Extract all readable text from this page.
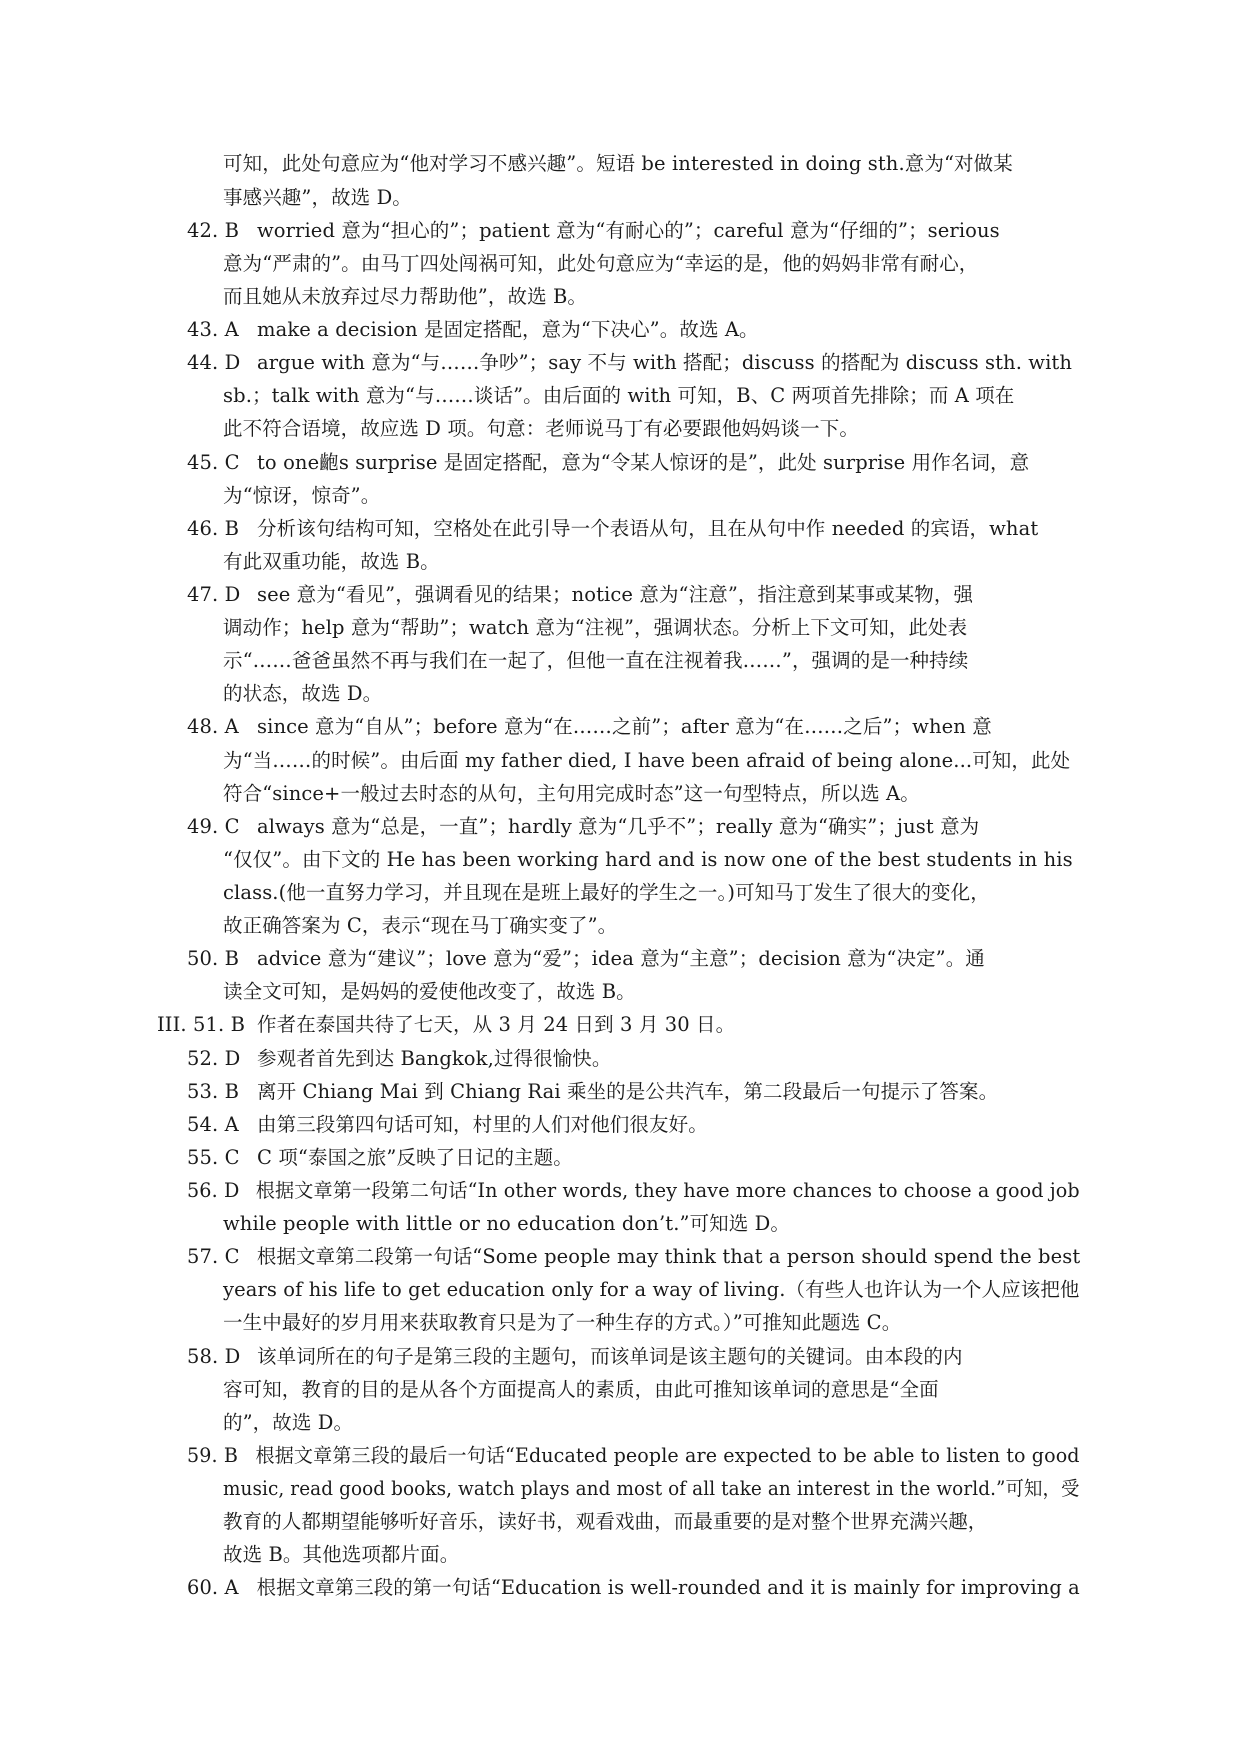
可知，此处句意应为“他对学习不感兴趣”。短语 be interested in doing sth.意为“对做某
事感兴趣”，故选 D。
42. B worried 意为“担心的”；patient 意为“有耐心的”；careful 意为“仔细的”；serious
意为“严肃的”。由马丁四处闯祸可知，此处句意应为“幸运的是，他的妈妈非常有耐心，
而且她从未放弃过尽力帮助他”，故选 B。
43. A make a decision 是固定搭配，意为“下决心”。故选 A。
44. D argue with 意为“与……争吵”；say 不与 with 搭配；discuss 的搭配为 discuss sth. with
sb.；talk with 意为“与……谈话”。由后面的 with 可知，B、C 两项首先排除；而 A 项在
此不符合语境，故应选 D 项。句意：老师说马丁有必要跟他妈妈谈一下。
45. C to one齙s surprise 是固定搭配，意为“令某人惊讶的是”，此处 surprise 用作名词，意
为“惊讶，惊奇”。
46. B 分析该句结构可知，空格处在此引导一个表语从句，且在从句中作 needed 的宾语，what
有此双重功能，故选 B。
47. D see 意为“看见”，强调看见的结果；notice 意为“注意”，指注意到某事或某物，强
调动作；help 意为“帮助”；watch 意为“注视”，强调状态。分析上下文可知，此处表
示“……爸爸虽然不再与我们在一起了，但他一直在注视着我……”，强调的是一种持续
的状态，故选 D。
48. A since 意为“自从”；before 意为“在……之前”；after 意为“在……之后”；when 意
为“当……的时候”。由后面 my father died, I have been afraid of being alone...可知，此处
符合“since+一般过去时态的从句，主句用完成时态”这一句型特点，所以选 A。
49. C always 意为“总是，一直”；hardly 意为“几乎不”；really 意为“确实”；just 意为
“仅仅”。由下文的 He has been working hard and is now one of the best students in his
class.(他一直努力学习，并且现在是班上最好的学生之一。)可知马丁发生了很大的变化，
故正确答案为 C，表示“现在马丁确实变了”。
50. B advice 意为“建议”；love 意为“爱”；idea 意为“主意”；decision 意为“决定”。通
读全文可知，是妈妈的爱使他改变了，故选 B。
III. 51. B 作者在泰国共待了七天，从 3 月 24 日到 3 月 30 日。
52. D 参观者首先到达 Bangkok,过得很愉快。
53. B 离开 Chiang Mai 到 Chiang Rai 乘坐的是公共汽车，第二段最后一句提示了答案。
54. A 由第三段第四句话可知，村里的人们对他们很友好。
55. C C 项“泰国之旅”反映了日记的主题。
56. D 根据文章第一段第二句话“In other words, they have more chances to choose a good job
while people with little or no education don’t.”可知选 D。
57. C 根据文章第二段第一句话“Some people may think that a person should spend the best
years of his life to get education only for a way of living.（有些人也许认为一个人应该把他
一生中最好的岁月用来获取教育只是为了一种生存的方式。）”可推知此题选 C。
58. D 该单词所在的句子是第三段的主题句，而该单词是该主题句的关键词。由本段的内
容可知，教育的目的是从各个方面提高人的素质，由此可推知该单词的意思是“全面
的”，故选 D。
59. B 根据文章第三段的最后一句话“Educated people are expected to be able to listen to good
music, read good books, watch plays and most of all take an interest in the world.”可知，受
教育的人都期望能够听好音乐，读好书，观看戏曲，而最重要的是对整个世界充满兴趣，
故选 B。其他选项都片面。
60. A 根据文章第三段的第一句话“Education is well-rounded and it is mainly for improving a
